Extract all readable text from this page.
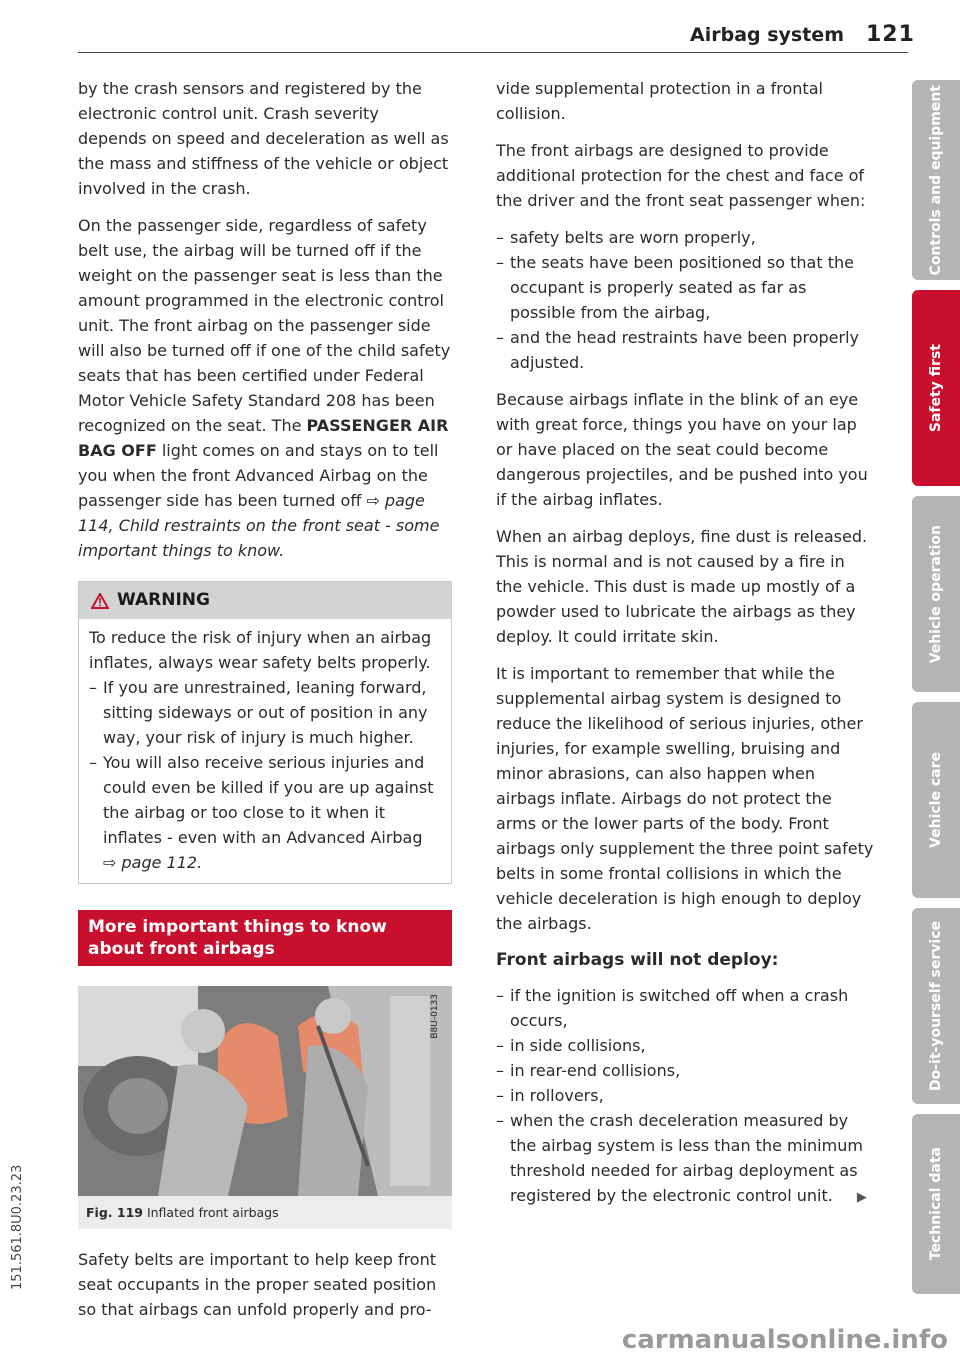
Airbag system 121

by the crash sensors and registered by the electronic control unit. Crash severity depends on speed and deceleration as well as the mass and stiffness of the vehicle or object involved in the crash.

On the passenger side, regardless of safety belt use, the airbag will be turned off if the weight on the passenger seat is less than the amount programmed in the electronic control unit. The front airbag on the passenger side will also be turned off if one of the child safety seats that has been certified under Federal Motor Vehicle Safety Standard 208 has been recognized on the seat. The PASSENGER AIR BAG OFF light comes on and stays on to tell you when the front Advanced Airbag on the passenger side has been turned off ⇨ page 114, Child restraints on the front seat - some important things to know.

WARNING
To reduce the risk of injury when an airbag inflates, always wear safety belts properly.
– If you are unrestrained, leaning forward, sitting sideways or out of position in any way, your risk of injury is much higher.
– You will also receive serious injuries and could even be killed if you are up against the airbag or too close to it when it inflates - even with an Advanced Airbag
⇨ page 112.
More important things to know about front airbags
B8U-0133
Fig. 119 Inflated front airbags

Safety belts are important to help keep front seat occupants in the proper seated position so that airbags can unfold properly and pro-

vide supplemental protection in a frontal collision.

The front airbags are designed to provide additional protection for the chest and face of the driver and the front seat passenger when:

– safety belts are worn properly,
– the seats have been positioned so that the occupant is properly seated as far as possible from the airbag,
– and the head restraints have been properly adjusted.

Because airbags inflate in the blink of an eye with great force, things you have on your lap or have placed on the seat could become dangerous projectiles, and be pushed into you if the airbag inflates.

When an airbag deploys, fine dust is released. This is normal and is not caused by a fire in the vehicle. This dust is made up mostly of a powder used to lubricate the airbags as they deploy. It could irritate skin.

It is important to remember that while the supplemental airbag system is designed to reduce the likelihood of serious injuries, other injuries, for example swelling, bruising and minor abrasions, can also happen when airbags inflate. Airbags do not protect the arms or the lower parts of the body. Front airbags only supplement the three point safety belts in some frontal collisions in which the vehicle deceleration is high enough to deploy the airbags.

Front airbags will not deploy:
– if the ignition is switched off when a crash occurs,
– in side collisions,
– in rear-end collisions,
– in rollovers,
– when the crash deceleration measured by the airbag system is less than the minimum threshold needed for airbag deployment as registered by the electronic control unit. ▶
Controls and equipment
Safety first
Vehicle operation
Vehicle care
Do-it-yourself service
Technical data
151.561.8U0.23.23
carmanualsonline.info
